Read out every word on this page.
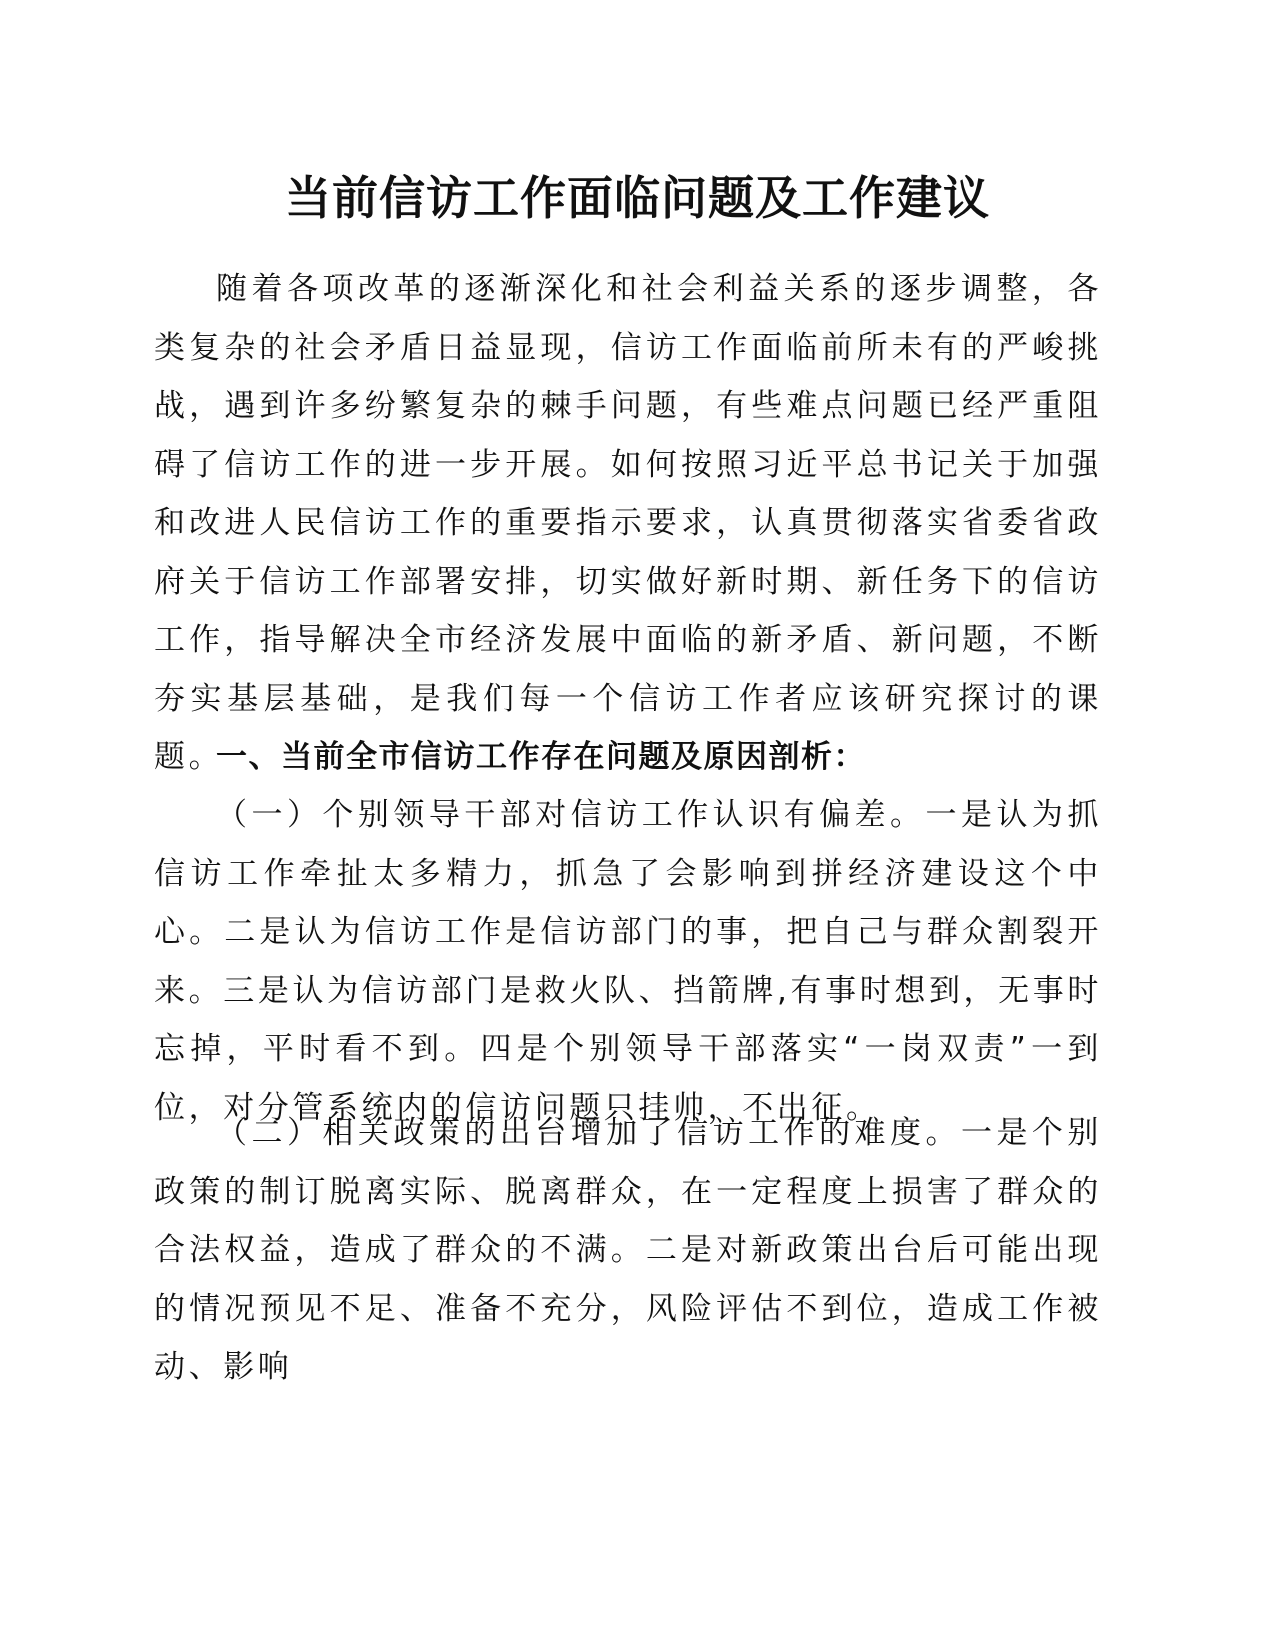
当前信访工作面临问题及工作建议

随着各项改革的逐渐深化和社会利益关系的逐步调整，各类复杂的社会矛盾日益显现，信访工作面临前所未有的严峻挑战，遇到许多纷繁复杂的棘手问题，有些难点问题已经严重阻碍了信访工作的进一步开展。如何按照习近平总书记关于加强和改进人民信访工作的重要指示要求，认真贯彻落实省委省政府关于信访工作部署安排，切实做好新时期、新任务下的信访工作，指导解决全市经济发展中面临的新矛盾、新问题，不断夯实基层基础，是我们每一个信访工作者应该研究探讨的课题。

一、当前全市信访工作存在问题及原因剖析：

（一）个别领导干部对信访工作认识有偏差。一是认为抓信访工作牵扯太多精力，抓急了会影响到拼经济建设这个中心。二是认为信访工作是信访部门的事，把自己与群众割裂开来。三是认为信访部门是救火队、挡箭牌,有事时想到，无事时忘掉，平时看不到。四是个别领导干部落实“一岗双责”一到位，对分管系统内的信访问题只挂帅，不出征。

（二）相关政策的出台增加了信访工作的难度。一是个别政策的制订脱离实际、脱离群众，在一定程度上损害了群众的合法权益，造成了群众的不满。二是对新政策出台后可能出现的情况预见不足、准备不充分，风险评估不到位，造成工作被动、影响
